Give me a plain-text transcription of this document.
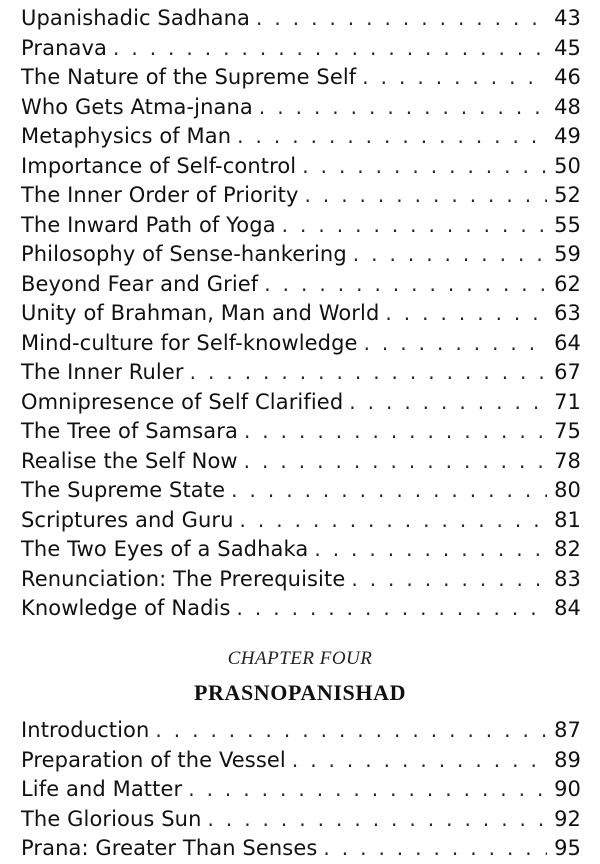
Upanishadic Sadhana .....	43
Pranava .....	45
The Nature of the Supreme Self .....	46
Who Gets Atma-jnana .....	48
Metaphysics of Man .....	49
Importance of Self-control .....	50
The Inner Order of Priority .....	52
The Inward Path of Yoga .....	55
Philosophy of Sense-hankering .....	59
Beyond Fear and Grief .....	62
Unity of Brahman, Man and World .....	63
Mind-culture for Self-knowledge .....	64
The Inner Ruler .....	67
Omnipresence of Self Clarified .....	71
The Tree of Samsara .....	75
Realise the Self Now .....	78
The Supreme State .....	80
Scriptures and Guru .....	81
The Two Eyes of a Sadhaka .....	82
Renunciation: The Prerequisite .....	83
Knowledge of Nadis .....	84
CHAPTER FOUR
PRASNOPANISHAD
Introduction .....	87
Preparation of the Vessel .....	89
Life and Matter .....	90
The Glorious Sun .....	92
Prana: Greater Than Senses .....	95
